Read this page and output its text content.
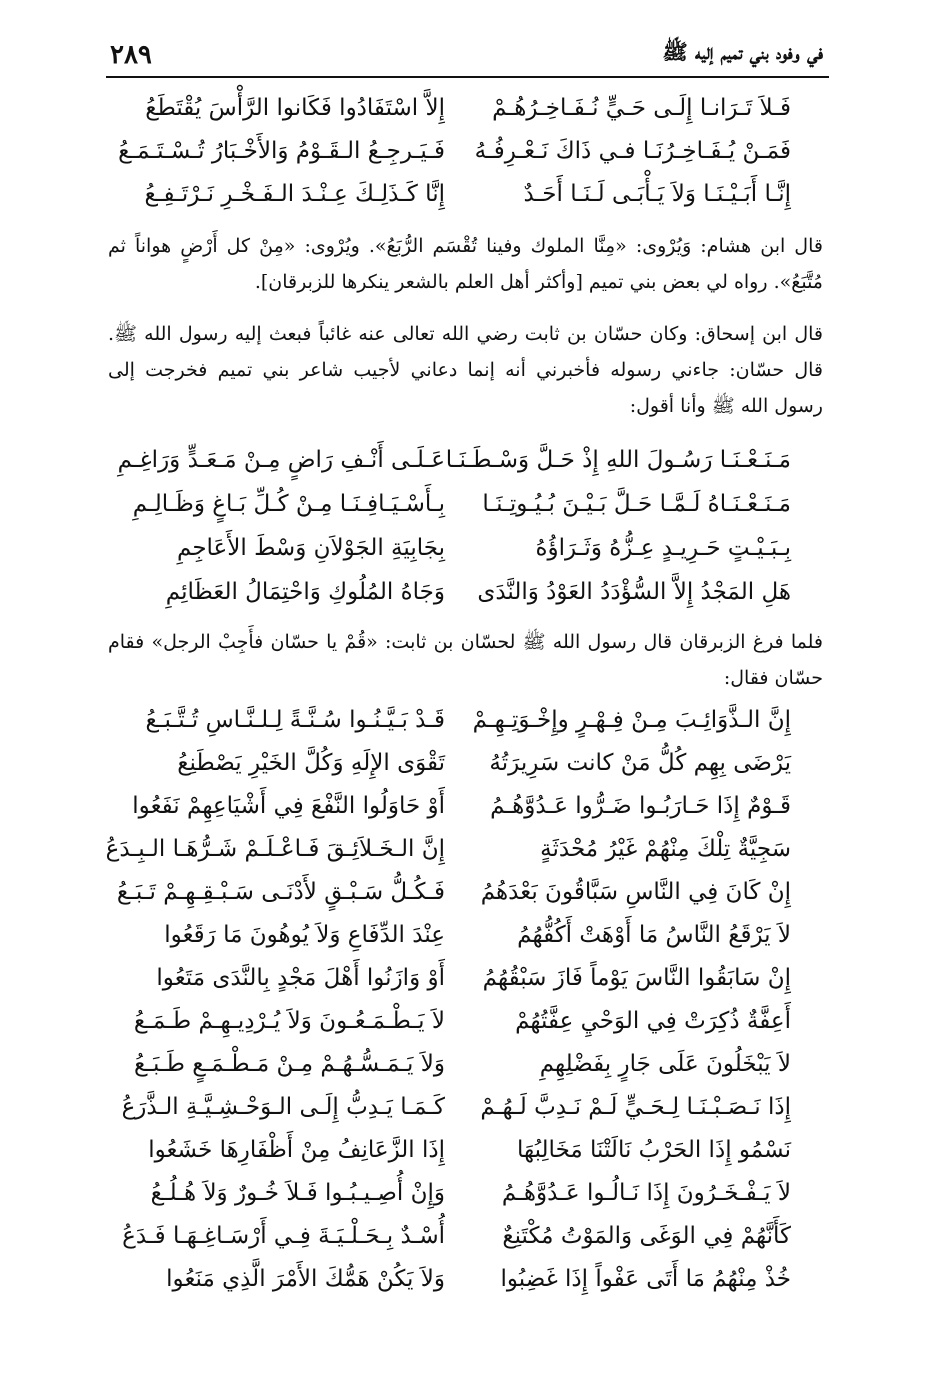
في وفود بني تميم إليه ﷺ
٢٨٩
فَـلاَ تَـرَانـا إِلَـى حَـيٍّ نُـفَـاخِـرُهُـمْ
إِلاَّ اسْتَفَادُوا فَكَانوا الرَّأْسَ يُقْتَطَعُ
فَمَـنْ يُـفَـاخِـرُنَـا فـي ذَاكَ نَـعْـرِفُـهُ
فَـيَـرجِـعُ الـقَـوْمُ وَالأَخْـبَارُ تُـسْـتَـمَـعُ
إِنَّـا أَبَـيْـنَـا وَلاَ يَـأْبَـى لَـنَـا أَحَـدٌ
إِنَّا كَـذَلِـكَ عِـنْـدَ الـفَـخْـرِ نَـرْتَـفِـعُ

قال ابن هشام: وَيُرْوى: «مِنَّا الملوك وفينا تُقْسَم الرُّبَعُ». ويُرْوى: «مِنْ كل أَرْضٍ هواناً ثم مُتَّبَعُ». رواه لي بعض بني تميم [وأكثر أهل العلم بالشعر ينكرها للزبرقان].

قال ابن إسحاق: وكان حسّان بن ثابت رضي الله تعالى عنه غائباً فبعث إليه رسول الله ﷺ. قال حسّان: جاءني رسوله فأخبرني أنه إنما دعاني لأجيب شاعر بني تميم فخرجت إلى رسول الله ﷺ وأنا أقول:

مَـنَـعْـنَـا رَسُـولَ اللهِ إِذْ حَـلَّ وَسْـطَـنَـا
عَـلَـى أَنْـفِ رَاضٍ مِـنْ مَـعَـدٍّ وَرَاغِـمِ
مَـنَـعْـنَـاهُ لَـمَّـا حَـلَّ بَـيْـنَ بُـيُـوتِـنَـا
بِـأَسْـيَـافِـنَـا مِـنْ كُـلِّ بَـاغٍ وَظَـالِـمِ
بِـبَـيْـتٍ حَـرِيـدٍ عِـزُّهُ وَثَـرَاؤُهُ
بِجَابِيَةِ الجَوْلاَنِ وَسْطَ الأَعَاجِمِ
هَلِ المَجْدُ إِلاَّ السُّؤْدَدُ العَوْدُ وَالنَّدَى
وَجَاهُ المُلُوكِ وَاحْتِمَالُ العَظَائِمِ

فلما فرغ الزبرقان قال رسول الله ﷺ لحسّان بن ثابت: «قُمْ يا حسّان فأَجِبْ الرجل» فقام حسّان فقال:

إِنَّ الـذَّوَائِـبَ مِـنْ فِـهْـرٍ وإِخْـوَتِـهِـمْ
قَـدْ بَـيَّـنُـوا سُـنَّـةً لِـلـنَّـاسِ تُـتَّـبَـعُ
يَرْضَى بِهِم كُلُّ مَنْ كانت سَرِيرَتُهُ
تَقْوَى الإِلَهِ وَكُلَّ الخَيْرِ يَصْطَنِعُ
قَـوْمٌ إِذَا حَـارَبُـوا ضَـرُّوا عَـدُوَّهُـمُ
أَوْ حَاوَلُوا النَّفْعَ فِي أَشْيَاعِهِمْ نَفَعُوا
سَجِيَّةٌ تِلْكَ مِنْهُمْ غَيْرُ مُحْدَثَةٍ
إِنَّ الـخَـلاَئِـقَ فَـاعْـلَـمْ شَـرُّهَـا الـبِـدَعُ
إِنْ كَانَ فِي النَّاسِ سَبَّاقُونَ بَعْدَهُمُ
فَـكُـلُّ سَـبْـقٍ لأَدْنَـى سَـبْـقِـهِـمْ تَـبَـعُ
لاَ يَرْقَعُ النَّاسُ مَا أَوْهَتْ أَكُفُّهُمُ
عِنْدَ الدِّفَاعِ وَلاَ يُوهُونَ مَا رَقَعُوا
إِنْ سَابَقُوا النَّاسَ يَوْماً فَازَ سَبْقُهُمُ
أَوْ وَازَنُوا أَهْلَ مَجْدٍ بِالنَّدَى مَتَعُوا
أَعِفَّةٌ ذُكِرَتْ فِي الوَحْيِ عِفَّتُهُمْ
لاَ يَـطْـمَـعُـونَ وَلاَ يُـرْدِيـهِـمْ طَـمَـعُ
لاَ يَبْخَلُونَ عَلَى جَارٍ بِفَضْلِهِمِ
وَلاَ يَـمَـسُّـهُـمْ مِـنْ مَـطْـمَـعٍ طَـبَـعُ
إِذَا نَـصَـبْـنَـا لِـحَـيٍّ لَـمْ نَـدِبَّ لَـهُـمْ
كَـمَـا يَـدِبُّ إِلَـى الـوَحْـشِـيَّـةِ الـذَّرَعُ
نَسْمُو إِذَا الحَرْبُ نَالَتْنَا مَخَالِبُهَا
إِذَا الزَّعَانِفُ مِنْ أَظْفَارِهَا خَشَعُوا
لاَ يَـفْـخَـرُونَ إِذَا نَـالُـوا عَـدُوَّهُـمُ
وَإِنْ أُصِـيـبُـوا فَـلاَ خُـورٌ وَلاَ هُـلُـعُ
كَأَنَّهُمْ فِي الوَغَى وَالمَوْتُ مُكْتَنِعٌ
أُسْـدٌ بِـحَـلْـيَـةَ فِـي أَرْسَـاغِـهَـا فَـدَعُ
خُذْ مِنْهُمُ مَا أَتَى عَفْواً إِذَا غَضِبُوا
وَلاَ يَكُنْ هَمُّكَ الأَمْرَ الَّذِي مَنَعُوا
